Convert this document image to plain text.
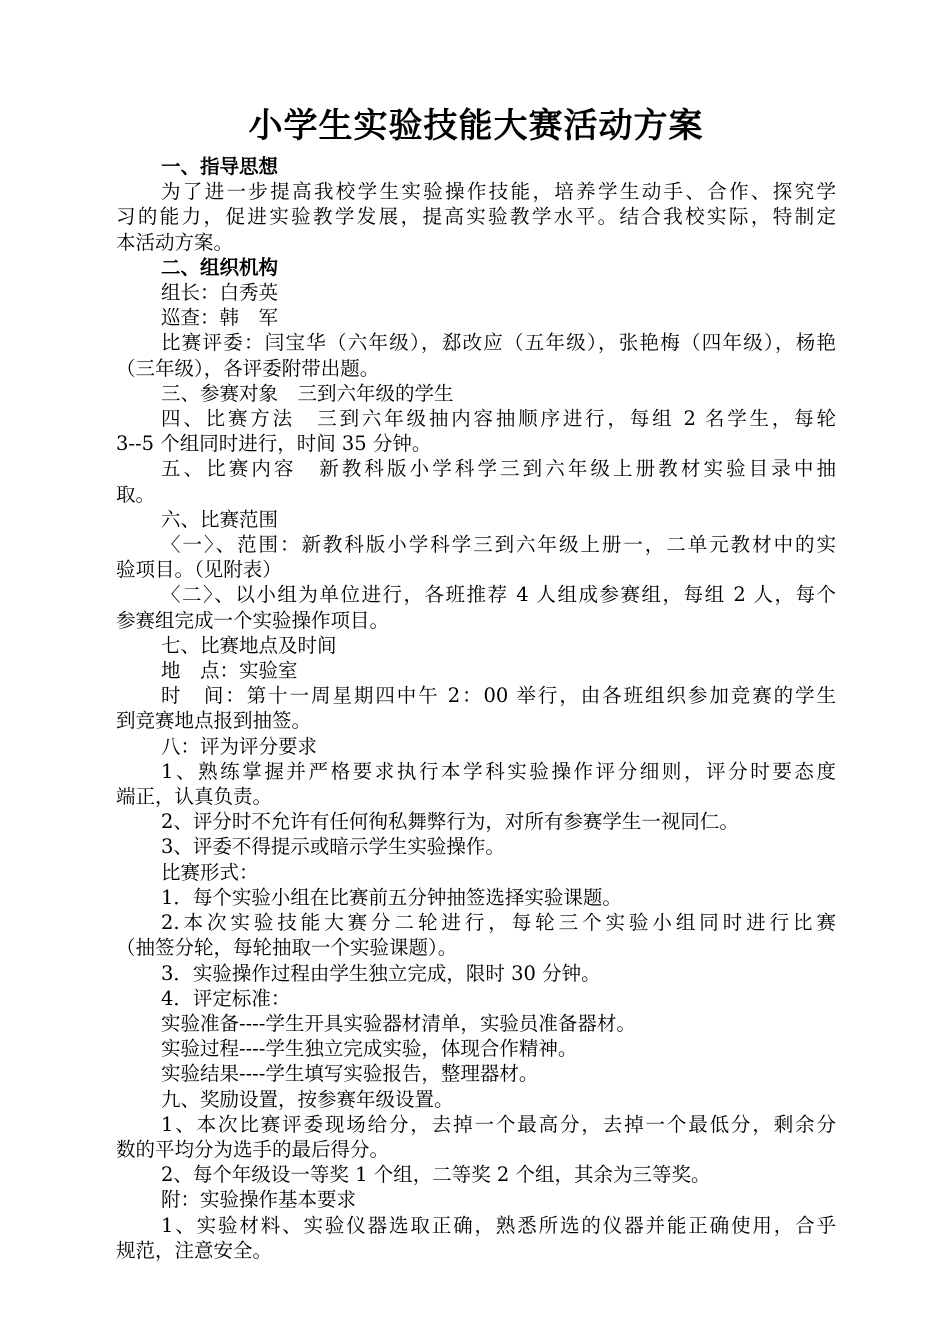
小学生实验技能大赛活动方案
一、指导思想
为了进一步提高我校学生实验操作技能，培养学生动手、合作、探究学
习的能力，促进实验教学发展，提高实验教学水平。结合我校实际，特制定
本活动方案。
二、组织机构
组长：白秀英
巡查：韩　军
比赛评委：闫宝华（六年级），郄改应（五年级），张艳梅（四年级），杨艳
（三年级），各评委附带出题。
三、参赛对象　三到六年级的学生
四、比赛方法　三到六年级抽内容抽顺序进行，每组 2 名学生，每轮
3--5 个组同时进行，时间 35 分钟。
五、比赛内容　新教科版小学科学三到六年级上册教材实验目录中抽
取。
六、比赛范围
〈一〉、范围：新教科版小学科学三到六年级上册一，二单元教材中的实
验项目。（见附表）
〈二〉、以小组为单位进行，各班推荐 4 人组成参赛组，每组 2 人，每个
参赛组完成一个实验操作项目。
七、比赛地点及时间
地　点：实验室
时　间：第十一周星期四中午 2：00 举行，由各班组织参加竞赛的学生
到竞赛地点报到抽签。
八：评为评分要求
1、熟练掌握并严格要求执行本学科实验操作评分细则，评分时要态度
端正，认真负责。
2、评分时不允许有任何徇私舞弊行为，对所有参赛学生一视同仁。
3、评委不得提示或暗示学生实验操作。
比赛形式：
1．每个实验小组在比赛前五分钟抽签选择实验课题。
2.本次实验技能大赛分二轮进行，每轮三个实验小组同时进行比赛
（抽签分轮，每轮抽取一个实验课题）。
3．实验操作过程由学生独立完成，限时 30 分钟。
4．评定标准：
实验准备----学生开具实验器材清单，实验员准备器材。
实验过程----学生独立完成实验，体现合作精神。
实验结果----学生填写实验报告，整理器材。
九、奖励设置，按参赛年级设置。
1、本次比赛评委现场给分，去掉一个最高分，去掉一个最低分，剩余分
数的平均分为选手的最后得分。
2、每个年级设一等奖 1 个组，二等奖 2 个组，其余为三等奖。
附：实验操作基本要求
1、实验材料、实验仪器选取正确，熟悉所选的仪器并能正确使用，合乎
规范，注意安全。
